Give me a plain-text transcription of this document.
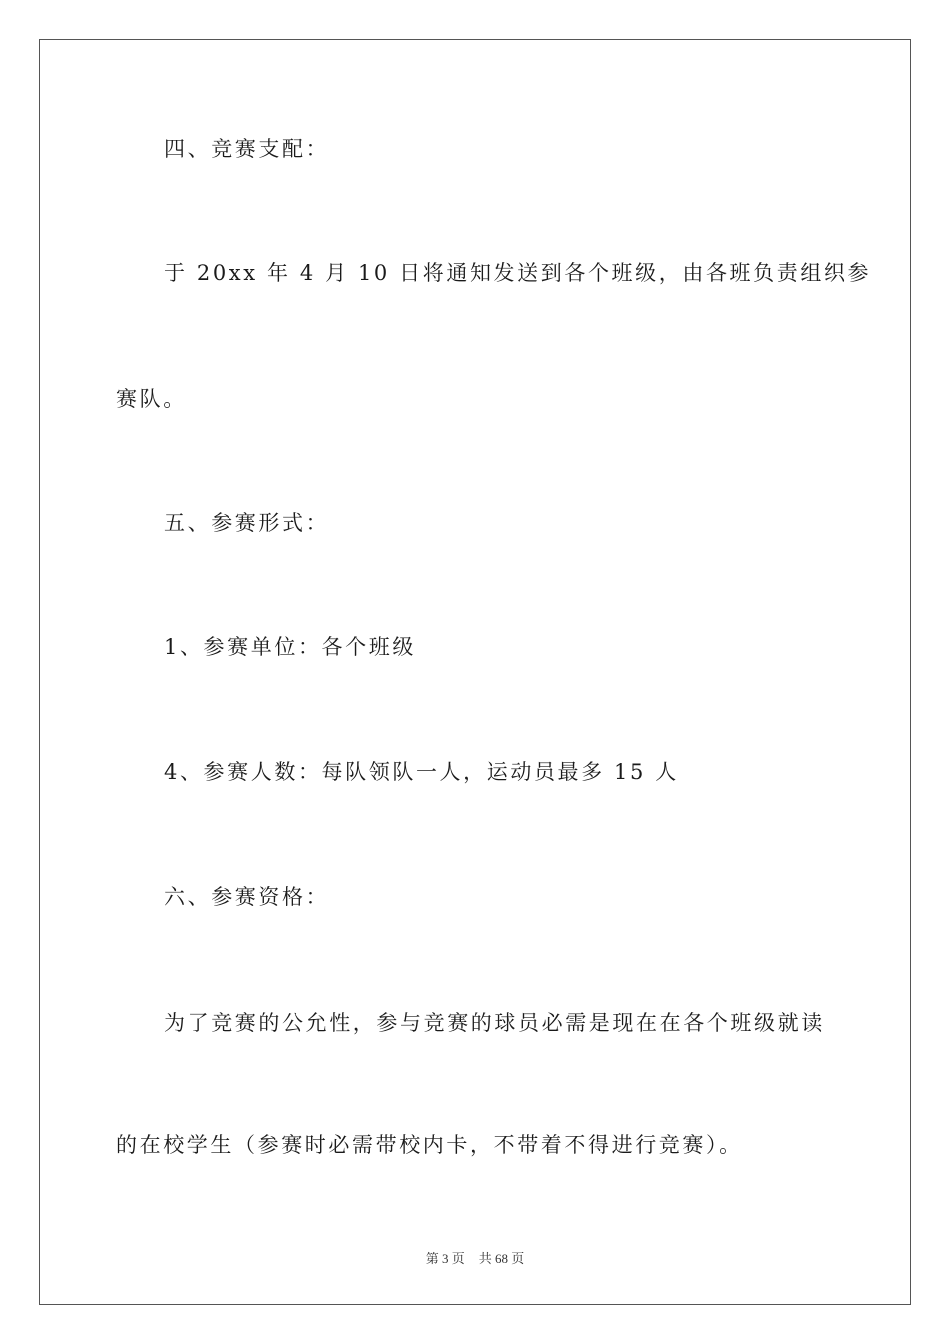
四、竞赛支配：
于 20xx 年 4 月 10 日将通知发送到各个班级，由各班负责组织参
赛队。
五、参赛形式：
1、参赛单位：各个班级
4、参赛人数：每队领队一人，运动员最多 15 人
六、参赛资格：
为了竞赛的公允性，参与竞赛的球员必需是现在在各个班级就读
的在校学生（参赛时必需带校内卡，不带着不得进行竞赛）。
第 3 页 共 68 页
